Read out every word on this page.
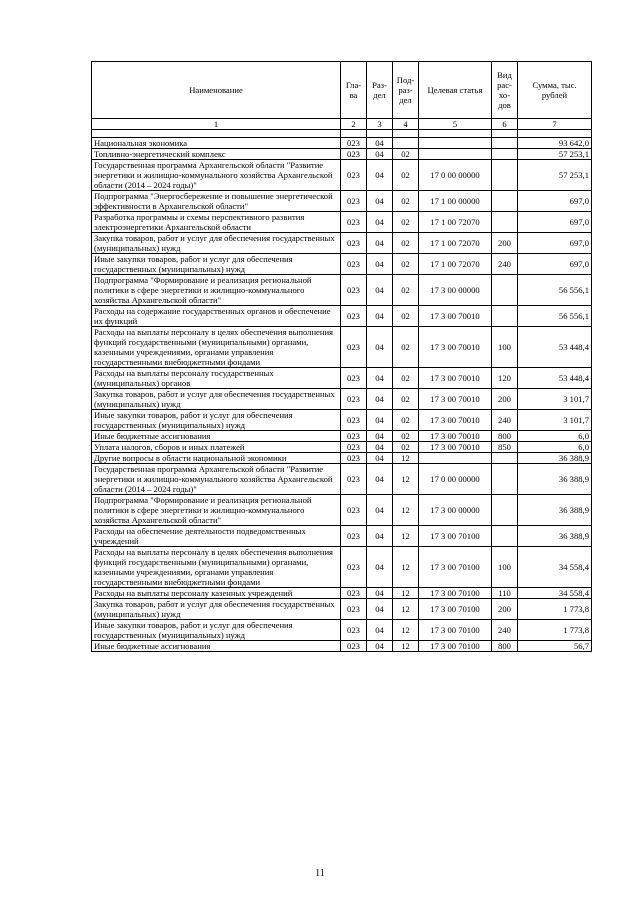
Наименование	Гла-ва	Раз-дел	Под-раз-дел	Целевая статья	Вид рас-хо-дов	Сумма, тыс. рублей
1	2	3	4	5	6	7

Национальная экономика	023	04				93 642,0
Топливно-энергетический комплекс	023	04	02			57 253,1
Государственная программа Архангельской области "Развитие энергетики и жилищно-коммунального хозяйства Архангельской области (2014 – 2024 годы)"	023	04	02	17 0 00 00000		57 253,1
Подпрограмма "Энергосбережение и повышение энергетической эффективности в Архангельской области"	023	04	02	17 1 00 00000		697,0
Разработка программы и схемы перспективного развития электроэнергетики Архангельской области	023	04	02	17 1 00 72070		697,0
Закупка товаров, работ и услуг для обеспечения государственных (муниципальных) нужд	023	04	02	17 1 00 72070	200	697,0
Иные закупки товаров, работ и услуг для обеспечения государственных (муниципальных) нужд	023	04	02	17 1 00 72070	240	697,0
Подпрограмма "Формирование и реализация региональной политики в сфере энергетики и жилищно-коммунального хозяйства Архангельской области"	023	04	02	17 3 00 00000		56 556,1
Расходы на содержание государственных органов и обеспечение их функций	023	04	02	17 3 00 70010		56 556,1
Расходы на выплаты персоналу в целях обеспечения выполнения функций государственными (муниципальными) органами, казенными учреждениями, органами управления государственными внебюджетными фондами	023	04	02	17 3 00 70010	100	53 448,4
Расходы на выплаты персоналу государственных (муниципальных) органов	023	04	02	17 3 00 70010	120	53 448,4
Закупка товаров, работ и услуг для обеспечения государственных (муниципальных) нужд	023	04	02	17 3 00 70010	200	3 101,7
Иные закупки товаров, работ и услуг для обеспечения государственных (муниципальных) нужд	023	04	02	17 3 00 70010	240	3 101,7
Иные бюджетные ассигнования	023	04	02	17 3 00 70010	800	6,0
Уплата налогов, сборов и иных платежей	023	04	02	17 3 00 70010	850	6,0
Другие вопросы в области национальной экономики	023	04	12			36 388,9
Государственная программа Архангельской области "Развитие энергетики и жилищно-коммунального хозяйства Архангельской области (2014 – 2024 годы)"	023	04	12	17 0 00 00000		36 388,9
Подпрограмма "Формирование и реализация региональной политики в сфере энергетики и жилищно-коммунального хозяйства Архангельской области"	023	04	12	17 3 00 00000		36 388,9
Расходы на обеспечение деятельности подведомственных учреждений	023	04	12	17 3 00 70100		36 388,9
Расходы на выплаты персоналу в целях обеспечения выполнения функций государственными (муниципальными) органами, казенными учреждениями, органами управления государственными внебюджетными фондами	023	04	12	17 3 00 70100	100	34 558,4
Расходы на выплаты персоналу казенных учреждений	023	04	12	17 3 00 70100	110	34 558,4
Закупка товаров, работ и услуг для обеспечения государственных (муниципальных) нужд	023	04	12	17 3 00 70100	200	1 773,8
Иные закупки товаров, работ и услуг для обеспечения государственных (муниципальных) нужд	023	04	12	17 3 00 70100	240	1 773,8
Иные бюджетные ассигнования	023	04	12	17 3 00 70100	800	56,7
11
